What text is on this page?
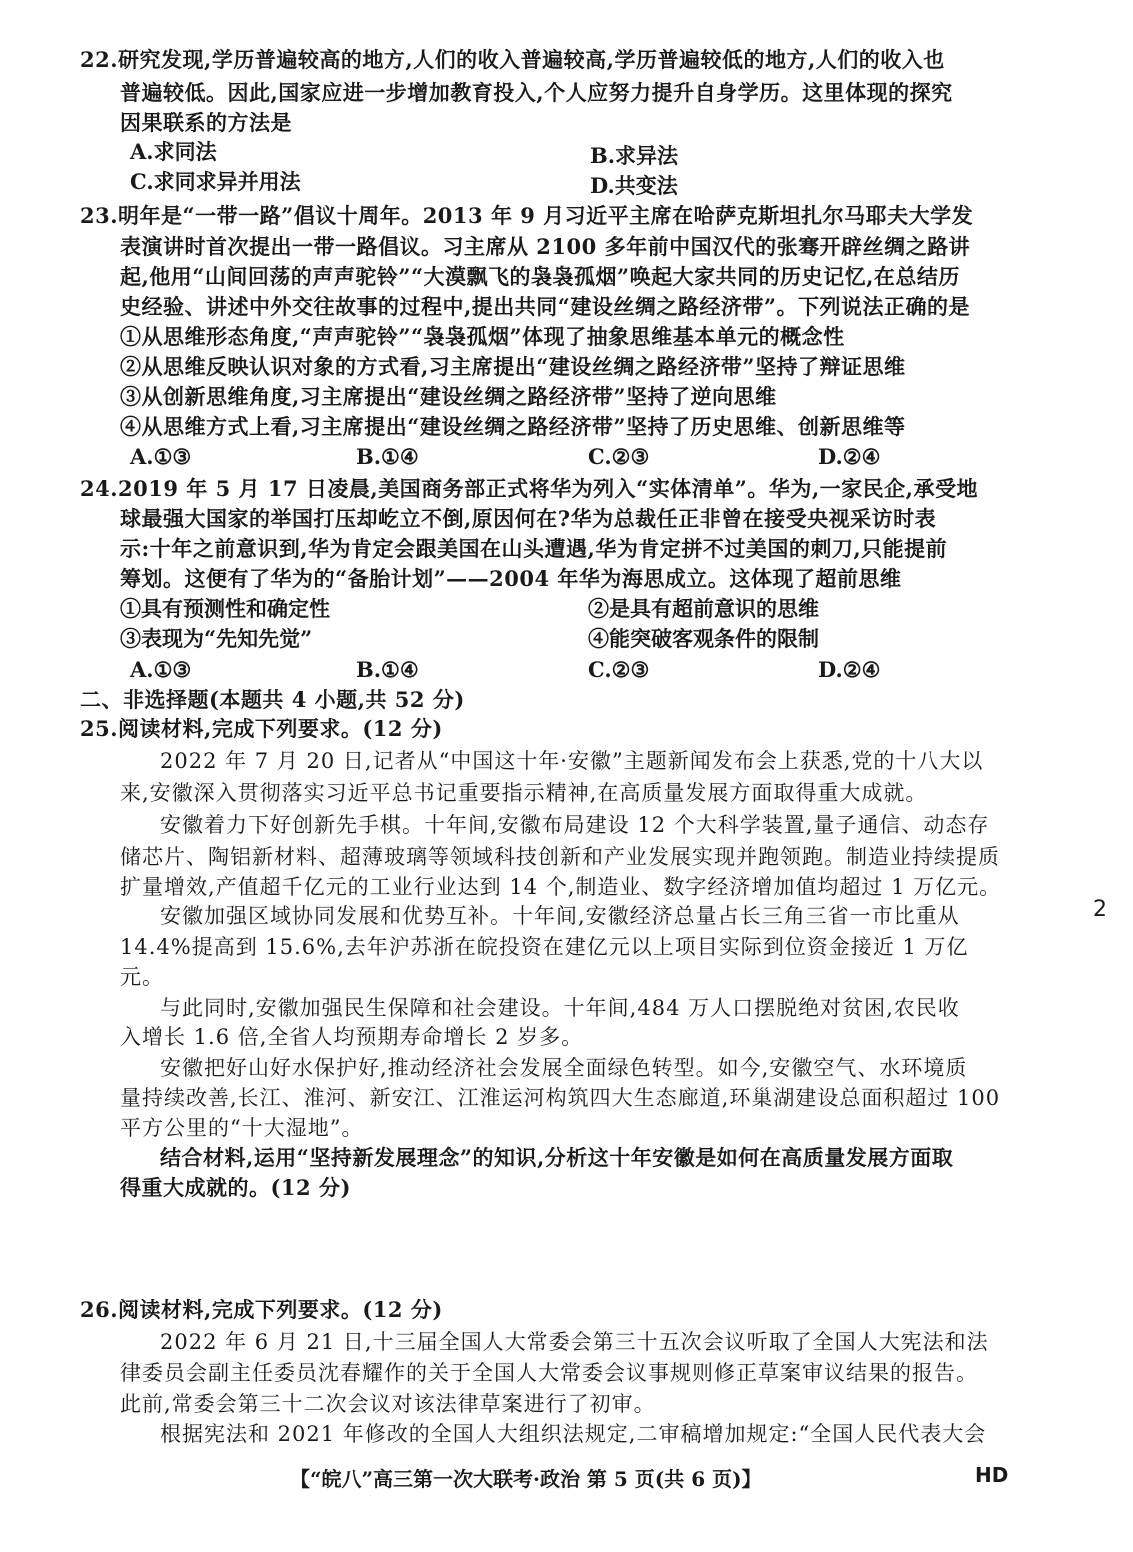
22.研究发现,学历普遍较高的地方,人们的收入普遍较高,学历普遍较低的地方,人们的收入也
普遍较低。因此,国家应进一步增加教育投入,个人应努力提升自身学历。这里体现的探究
因果联系的方法是
A.求同法	B.求异法
C.求同求异并用法	D.共变法
23.明年是“一带一路”倡议十周年。2013 年 9 月习近平主席在哈萨克斯坦扎尔马耶夫大学发
表演讲时首次提出一带一路倡议。习主席从 2100 多年前中国汉代的张骞开辟丝绸之路讲
起,他用“山间回荡的声声驼铃”“大漠飘飞的袅袅孤烟”唤起大家共同的历史记忆,在总结历
史经验、讲述中外交往故事的过程中,提出共同“建设丝绸之路经济带”。下列说法正确的是
①从思维形态角度,“声声驼铃”“袅袅孤烟”体现了抽象思维基本单元的概念性
②从思维反映认识对象的方式看,习主席提出“建设丝绸之路经济带”坚持了辩证思维
③从创新思维角度,习主席提出“建设丝绸之路经济带”坚持了逆向思维
④从思维方式上看,习主席提出“建设丝绸之路经济带”坚持了历史思维、创新思维等
A.①③	B.①④	C.②③	D.②④
24.2019 年 5 月 17 日凌晨,美国商务部正式将华为列入“实体清单”。华为,一家民企,承受地
球最强大国家的举国打压却屹立不倒,原因何在?华为总裁任正非曾在接受央视采访时表
示:十年之前意识到,华为肯定会跟美国在山头遭遇,华为肯定拼不过美国的刺刀,只能提前
筹划。这便有了华为的“备胎计划”——2004 年华为海思成立。这体现了超前思维
①具有预测性和确定性	②是具有超前意识的思维
③表现为“先知先觉”	④能突破客观条件的限制
A.①③	B.①④	C.②③	D.②④
二、非选择题(本题共 4 小题,共 52 分)
25.阅读材料,完成下列要求。(12 分)
2022 年 7 月 20 日,记者从“中国这十年·安徽”主题新闻发布会上获悉,党的十八大以
来,安徽深入贯彻落实习近平总书记重要指示精神,在高质量发展方面取得重大成就。
安徽着力下好创新先手棋。十年间,安徽布局建设 12 个大科学装置,量子通信、动态存
储芯片、陶铝新材料、超薄玻璃等领域科技创新和产业发展实现并跑领跑。制造业持续提质
扩量增效,产值超千亿元的工业行业达到 14 个,制造业、数字经济增加值均超过 1 万亿元。
安徽加强区域协同发展和优势互补。十年间,安徽经济总量占长三角三省一市比重从
14.4%提高到 15.6%,去年沪苏浙在皖投资在建亿元以上项目实际到位资金接近 1 万亿
元。
与此同时,安徽加强民生保障和社会建设。十年间,484 万人口摆脱绝对贫困,农民收
入增长 1.6 倍,全省人均预期寿命增长 2 岁多。
安徽把好山好水保护好,推动经济社会发展全面绿色转型。如今,安徽空气、水环境质
量持续改善,长江、淮河、新安江、江淮运河构筑四大生态廊道,环巢湖建设总面积超过 100
平方公里的“十大湿地”。
结合材料,运用“坚持新发展理念”的知识,分析这十年安徽是如何在高质量发展方面取
得重大成就的。(12 分)
2
26.阅读材料,完成下列要求。(12 分)
2022 年 6 月 21 日,十三届全国人大常委会第三十五次会议听取了全国人大宪法和法
律委员会副主任委员沈春耀作的关于全国人大常委会议事规则修正草案审议结果的报告。
此前,常委会第三十二次会议对该法律草案进行了初审。
根据宪法和 2021 年修改的全国人大组织法规定,二审稿增加规定:“全国人民代表大会
【“皖八”高三第一次大联考·政治 第 5 页(共 6 页)】	HD
